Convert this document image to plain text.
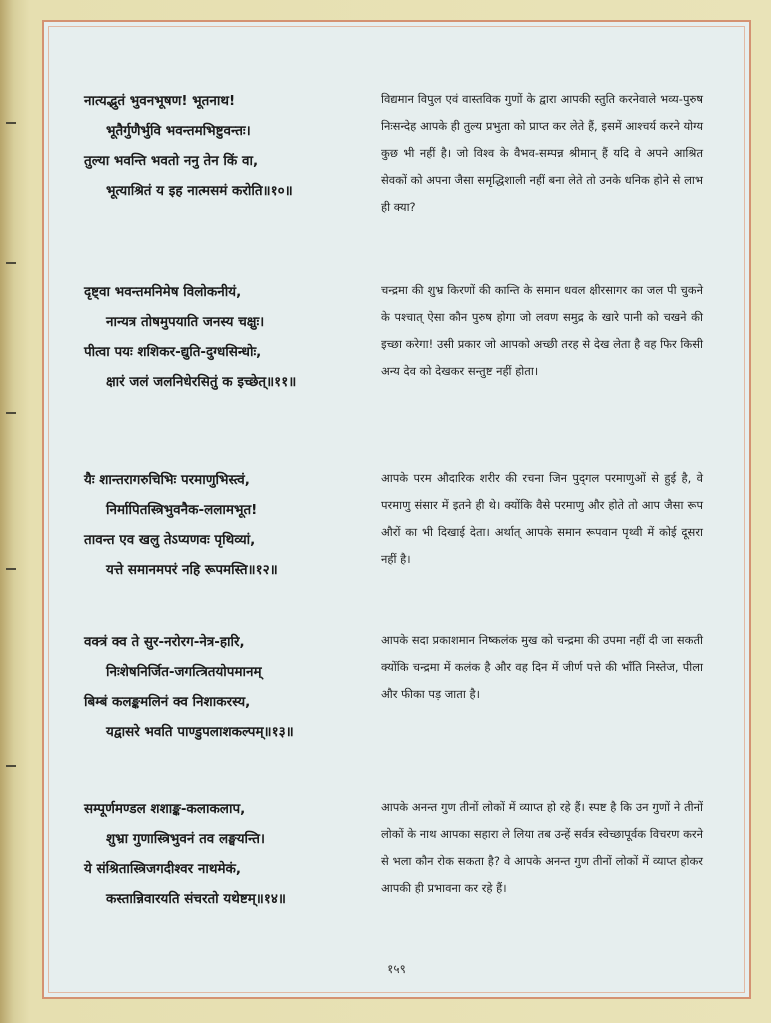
नात्यद्भुतं भुवनभूषण! भूतनाथ!
भूतैर्गुणैर्भुवि भवन्तमभिष्टुवन्तः।
तुल्या भवन्ति भवतो ननु तेन किं वा,
भूत्याश्रितं य इह नात्मसमं करोति॥१०॥
विद्यमान विपुल एवं वास्तविक गुणों के द्वारा आपकी स्तुति करनेवाले भव्य-पुरुष निःसन्देह आपके ही तुल्य प्रभुता को प्राप्त कर लेते हैं, इसमें आश्चर्य करने योग्य कुछ भी नहीं है। जो विश्व के वैभव-सम्पन्न श्रीमान् हैं यदि वे अपने आश्रित सेवकों को अपना जैसा समृद्धिशाली नहीं बना लेते तो उनके धनिक होने से लाभ ही क्या?
दृष्ट्वा भवन्तमनिमेष विलोकनीयं,
नान्यत्र तोषमुपयाति जनस्य चक्षुः।
पीत्वा पयः शशिकर-द्युति-दुग्धसिन्धोः,
क्षारं जलं जलनिधेरसितुं क इच्छेत्॥११॥
चन्द्रमा की शुभ्र किरणों की कान्ति के समान धवल क्षीरसागर का जल पी चुकने के पश्चात् ऐसा कौन पुरुष होगा जो लवण समुद्र के खारे पानी को चखने की इच्छा करेगा! उसी प्रकार जो आपको अच्छी तरह से देख लेता है वह फिर किसी अन्य देव को देखकर सन्तुष्ट नहीं होता।
यैः शान्तरागरुचिभिः परमाणुभिस्त्वं,
निर्मापितस्त्रिभुवनैक-ललामभूत!
तावन्त एव खलु तेऽप्यणवः पृथिव्यां,
यत्ते समानमपरं नहि रूपमस्ति॥१२॥
आपके परम औदारिक शरीर की रचना जिन पुद्‌गल परमाणुओं से हुई है, वे परमाणु संसार में इतने ही थे। क्योंकि वैसे परमाणु और होते तो आप जैसा रूप औरों का भी दिखाई देता। अर्थात् आपके समान रूपवान पृथ्वी में कोई दूसरा नहीं है।
वक्त्रं क्व ते सुर-नरोरग-नेत्र-हारि,
निःशेषनिर्जित-जगत्त्रितयोपमानम्
बिम्बं कलङ्कमलिनं क्व निशाकरस्य,
यद्वासरे भवति पाण्डुपलाशकल्पम्॥१३॥
आपके सदा प्रकाशमान निष्कलंक मुख को चन्द्रमा की उपमा नहीं दी जा सकती क्योंकि चन्द्रमा में कलंक है और वह दिन में जीर्ण पत्ते की भाँति निस्तेज, पीला और फीका पड़ जाता है।
सम्पूर्णमण्डल शशाङ्क-कलाकलाप,
शुभ्रा गुणास्त्रिभुवनं तव लङ्घयन्ति।
ये संश्रितास्त्रिजगदीश्वर नाथमेकं,
कस्तान्निवारयति संचरतो यथेष्टम्॥१४॥
आपके अनन्त गुण तीनों लोकों में व्याप्त हो रहे हैं। स्पष्ट है कि उन गुणों ने तीनों लोकों के नाथ आपका सहारा ले लिया तब उन्हें सर्वत्र स्वेच्छापूर्वक विचरण करने से भला कौन रोक सकता है? वे आपके अनन्त गुण तीनों लोकों में व्याप्त होकर आपकी ही प्रभावना कर रहे हैं।
१५९
